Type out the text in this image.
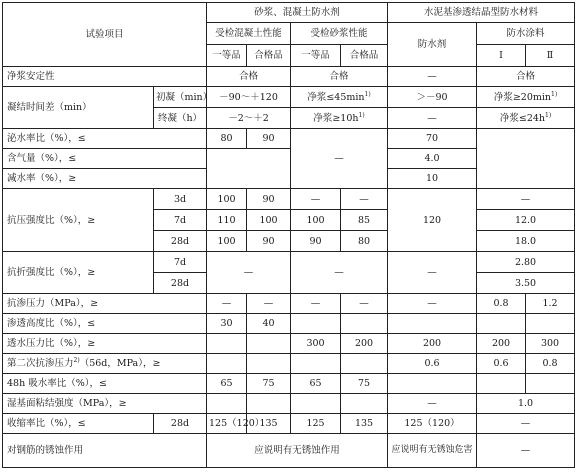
试验项目		砂浆、混凝土防水剂				水泥基渗透结晶型防水材料		
		受检混凝土性能		受检砂浆性能		防水剂	防水涂料	
		一等品	合格品	一等品	合格品		Ⅰ	Ⅱ
净浆安定性		合格		合格		—	合格	
凝结时间差（min）	初凝（min）	－90～＋120		净浆$\le 45\min^{1)}$		＞－90	净浆$\ge 20\min^{1)}$
	终凝（h）	－2～＋2		净浆$\ge 10h^{1)}$		—	净浆$\le 24h^{1)}$
泌水率比（%），≤		80	90	—		70		
含气量（%），≤						4.0		
减水率（%），≥						10		
抗压强度比（%），≥	3d	100	90	—	—	120	—	
	7d	110	100	100	85		12.0	
	28d	100	90	90	80		18.0	
抗折强度比（%），≥	7d	—		—		—	2.80	
	28d						3.50	
抗渗压力（MPa），≥		—	—	—	—	—	0.8	1.2
渗透高度比（%），≤		30	40					
透水压力比（%），≥				300	200	200	200	300
第二次抗渗压力$^{2)}$（56d，MPa），≥						0.6	0.6	0.8
48h 吸水率比（%），≤		65	75	65	75			
湿基面粘结强度（MPa），≥						—	1.0	
收缩率比（%），≤	28d	125（120）	135	125	135	125（120）	—	
对钢筋的锈蚀作用		应说明有无锈蚀作用				应说明有无锈蚀危害	—	
